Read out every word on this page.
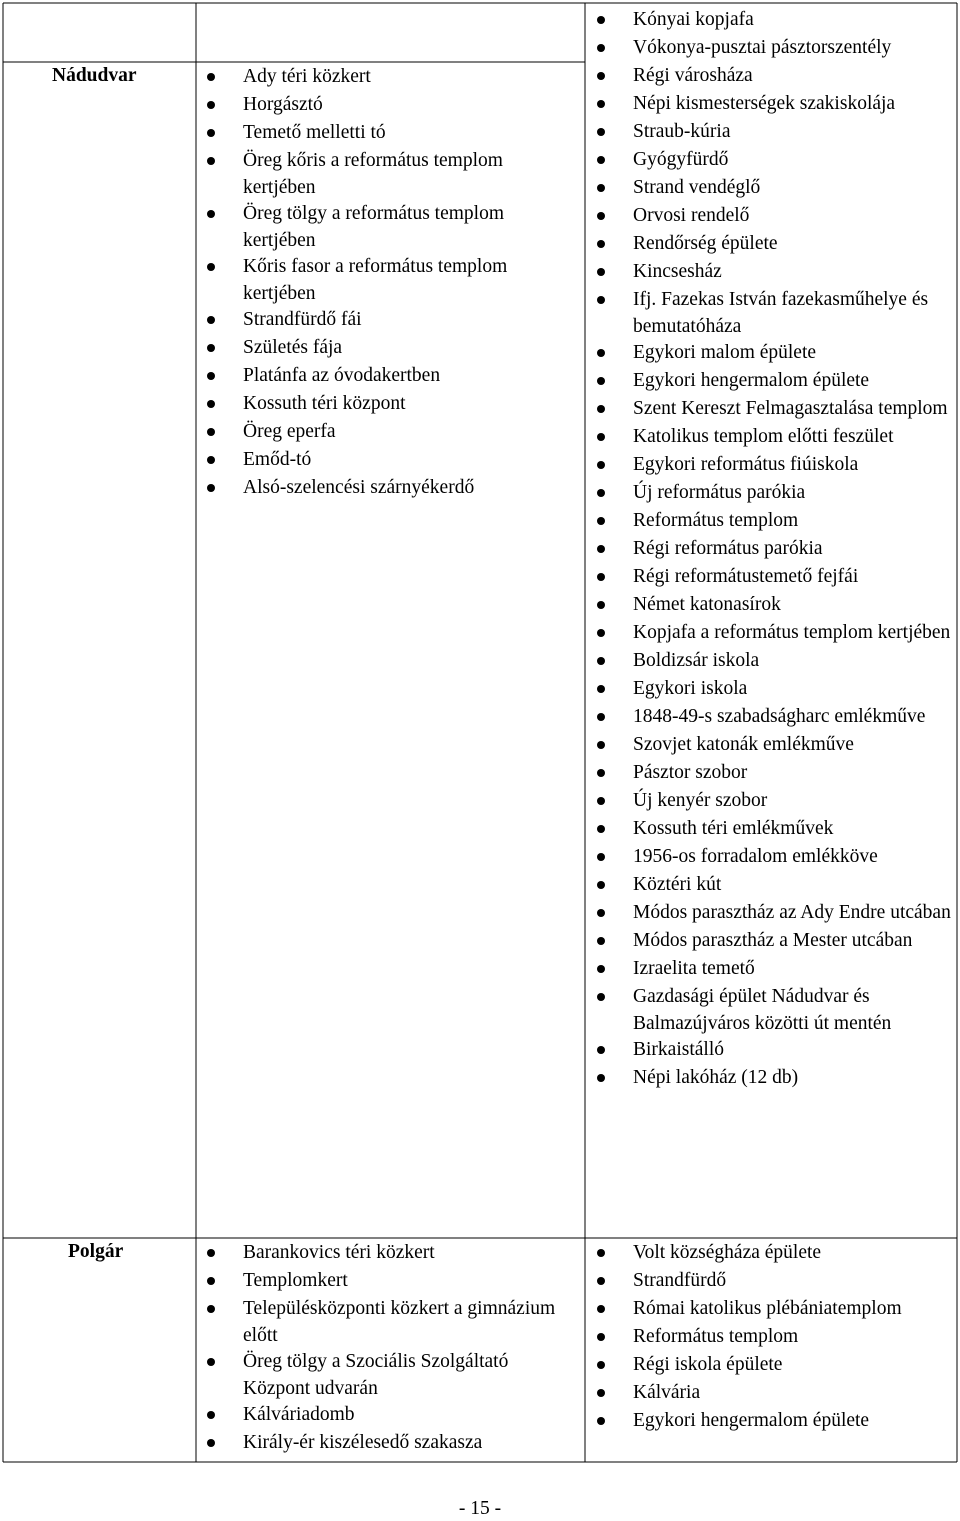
Nádudvar
Polgár
Ady téri közkert
Horgásztó
Temető melletti tó
Öreg kőris a református templom kertjében
Öreg tölgy a református templom kertjében
Kőris fasor a református templom kertjében
Strandfürdő fái
Születés fája
Platánfa az óvodakertben
Kossuth téri központ
Öreg eperfa
Emőd-tó
Alsó-szelencési szárnyékerdő
Kónyai kopjafa
Vókonya-pusztai pásztorszentély
Régi városháza
Népi kismesterségek szakiskolája
Straub-kúria
Gyógyfürdő
Strand vendéglő
Orvosi rendelő
Rendőrség épülete
Kincsesház
Ifj. Fazekas István fazekasműhelye és bemutatóháza
Egykori malom épülete
Egykori hengermalom épülete
Szent Kereszt Felmagasztalása templom
Katolikus templom előtti feszület
Egykori református fiúiskola
Új református parókia
Református templom
Régi református parókia
Régi reformátustemető fejfái
Német katonasírok
Kopjafa a református templom kertjében
Boldizsár iskola
Egykori iskola
1848-49-s szabadságharc emlékműve
Szovjet katonák emlékműve
Pásztor szobor
Új kenyér szobor
Kossuth téri emlékművek
1956-os forradalom emlékköve
Köztéri kút
Módos parasztház az Ady Endre utcában
Módos parasztház a Mester utcában
Izraelita temető
Gazdasági épület Nádudvar és Balmazújváros közötti út mentén
Birkaistálló
Népi lakóház (12 db)
Barankovics téri közkert
Templomkert
Településközponti közkert a gimnázium előtt
Öreg tölgy a Szociális Szolgáltató Központ udvarán
Kálváriadomb
Király-ér kiszélesedő szakasza
Volt községháza épülete
Strandfürdő
Római katolikus plébániatemplom
Református templom
Régi iskola épülete
Kálvária
Egykori hengermalom épülete
- 15 -
